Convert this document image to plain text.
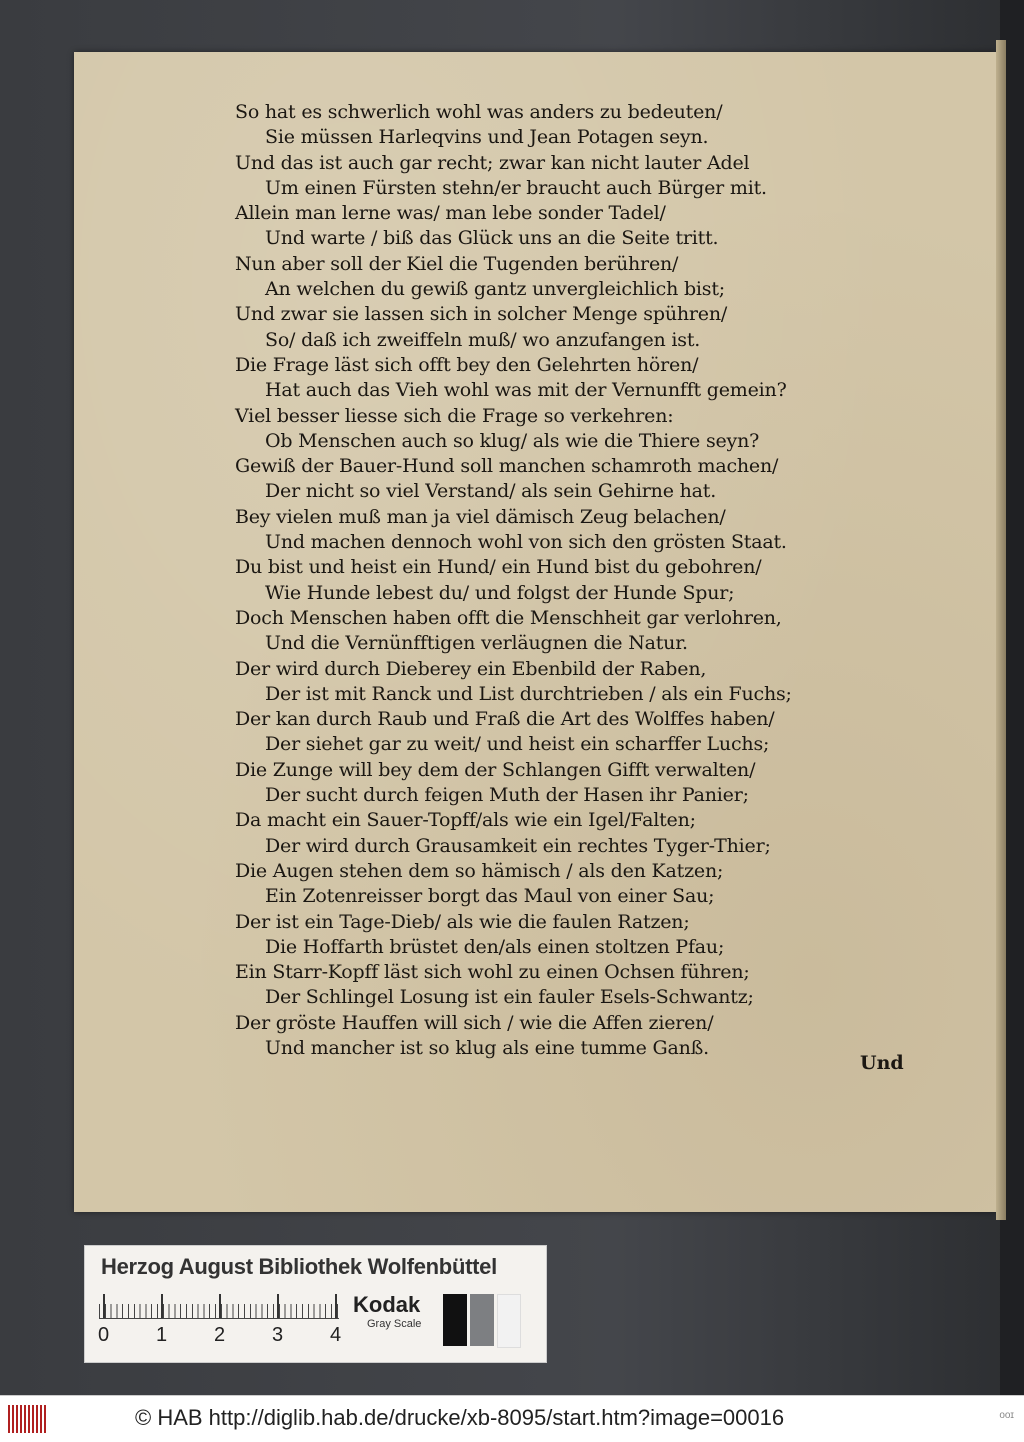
So hat es schwerlich wohl was anders zu bedeuten/
Sie müssen Harleqvins und Jean Potagen seyn.
Und das ist auch gar recht; zwar kan nicht lauter Adel
Um einen Fürsten stehn/er braucht auch Bürger mit.
Allein man lerne was/ man lebe sonder Tadel/
Und warte / biß das Glück uns an die Seite tritt.
Nun aber soll der Kiel die Tugenden berühren/
An welchen du gewiß gantz unvergleichlich bist;
Und zwar sie lassen sich in solcher Menge spühren/
So/ daß ich zweiffeln muß/ wo anzufangen ist.
Die Frage läst sich offt bey den Gelehrten hören/
Hat auch das Vieh wohl was mit der Vernunfft gemein?
Viel besser liesse sich die Frage so verkehren:
Ob Menschen auch so klug/ als wie die Thiere seyn?
Gewiß der Bauer-Hund soll manchen schamroth machen/
Der nicht so viel Verstand/ als sein Gehirne hat.
Bey vielen muß man ja viel dämisch Zeug belachen/
Und machen dennoch wohl von sich den grösten Staat.
Du bist und heist ein Hund/ ein Hund bist du gebohren/
Wie Hunde lebest du/ und folgst der Hunde Spur;
Doch Menschen haben offt die Menschheit gar verlohren,
Und die Vernünfftigen verläugnen die Natur.
Der wird durch Dieberey ein Ebenbild der Raben,
Der ist mit Ranck und List durchtrieben / als ein Fuchs;
Der kan durch Raub und Fraß die Art des Wolffes haben/
Der siehet gar zu weit/ und heist ein scharffer Luchs;
Die Zunge will bey dem der Schlangen Gifft verwalten/
Der sucht durch feigen Muth der Hasen ihr Panier;
Da macht ein Sauer-Topff/als wie ein Igel/Falten;
Der wird durch Grausamkeit ein rechtes Tyger-Thier;
Die Augen stehen dem so hämisch / als den Katzen;
Ein Zotenreisser borgt das Maul von einer Sau;
Der ist ein Tage-Dieb/ als wie die faulen Ratzen;
Die Hoffarth brüstet den/als einen stoltzen Pfau;
Ein Starr-Kopff läst sich wohl zu einen Ochsen führen;
Der Schlingel Losung ist ein fauler Esels-Schwantz;
Der gröste Hauffen will sich / wie die Affen zieren/
Und mancher ist so klug als eine tumme Ganß.
Und
Herzog August Bibliothek Wolfenbüttel
0 1 2 3 4
Kodak
Gray Scale
© HAB http://diglib.hab.de/drucke/xb-8095/start.htm?image=00016	ᴏᴏɪ
